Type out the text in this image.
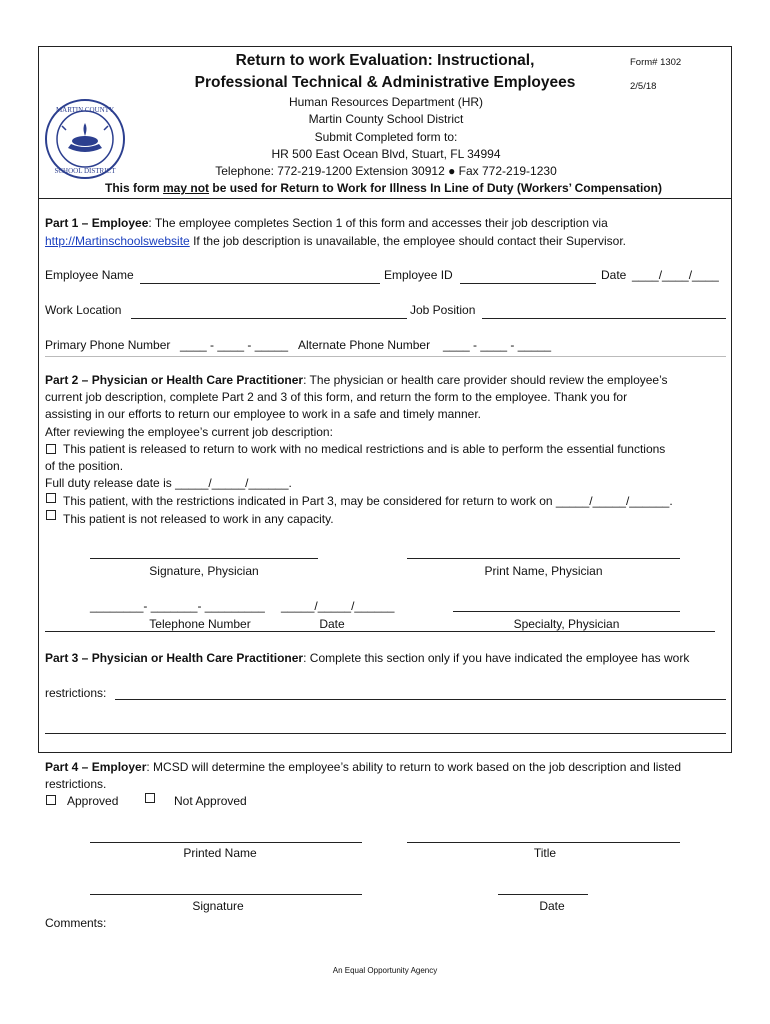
MARTIN COUNTY
SCHOOL DISTRICT
Return to work Evaluation: Instructional,
Professional Technical & Administrative Employees
Form# 1302
2/5/18
Human Resources Department (HR)
Martin County School District
Submit Completed form to:
HR 500 East Ocean Blvd, Stuart, FL 34994
Telephone: 772-219-1200 Extension 30912 ● Fax 772-219-1230
This form may not be used for Return to Work for Illness In Line of Duty (Workers’ Compensation)
Part 1 – Employee: The employee completes Section 1 of this form and accesses their job description via
http://Martinschoolswebsite If the job description is unavailable, the employee should contact their Supervisor.
Employee Name	Employee ID	Date ____/____/____
Work Location	Job Position
Primary Phone Number ____ - ____ - _____ Alternate Phone Number ____ - ____ - _____
Part 2 – Physician or Health Care Practitioner: The physician or health care provider should review the employee’s
current job description, complete Part 2 and 3 of this form, and return the form to the employee. Thank you for
assisting in our efforts to return our employee to work in a safe and timely manner.
After reviewing the employee’s current job description:
This patient is released to return to work with no medical restrictions and is able to perform the essential functions
of the position.
Full duty release date is _____/_____/______.
This patient, with the restrictions indicated in Part 3, may be considered for return to work on _____/_____/______.
This patient is not released to work in any capacity.
Signature, Physician	Print Name, Physician
________- _______- _________ _____/_____/______
Telephone Number	Date	Specialty, Physician
Part 3 – Physician or Health Care Practitioner: Complete this section only if you have indicated the employee has work
restrictions:
Part 4 – Employer: MCSD will determine the employee’s ability to return to work based on the job description and listed
restrictions.
Approved	Not Approved
Printed Name	Title
Signature	Date
Comments:
An Equal Opportunity Agency
